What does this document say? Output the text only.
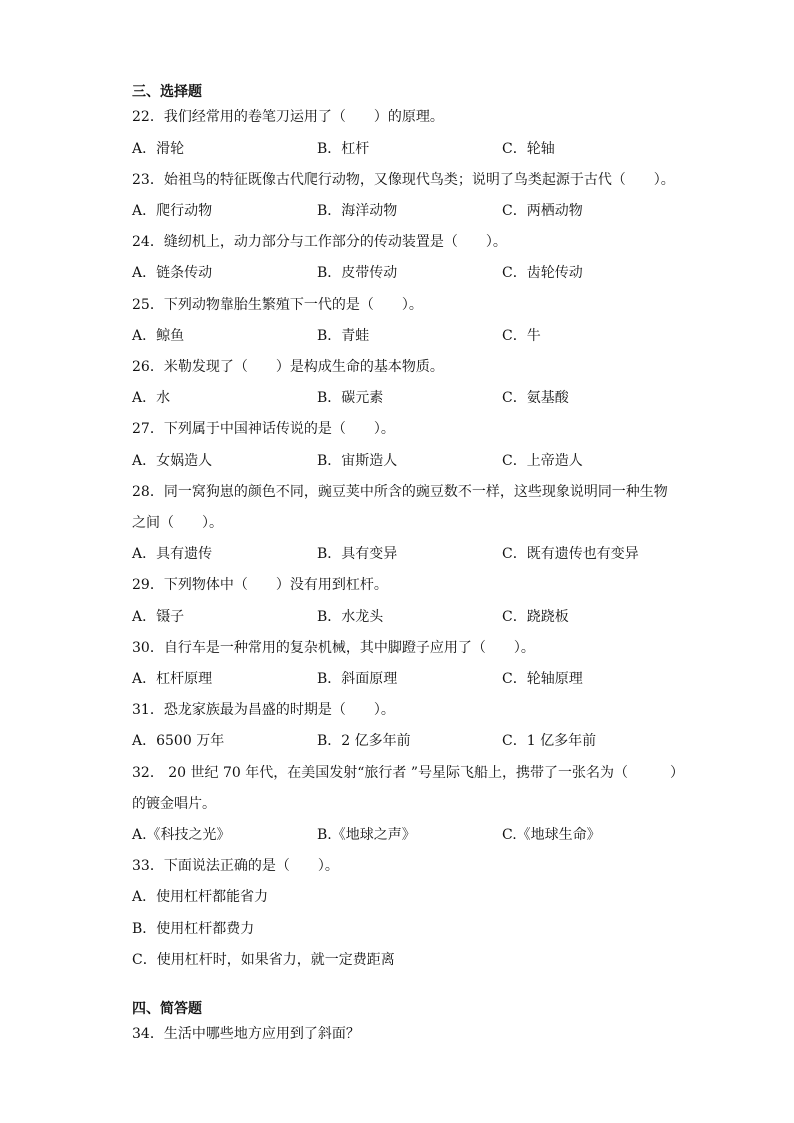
三、选择题
22．我们经常用的卷笔刀运用了（　　）的原理。
A．滑轮	B．杠杆	C．轮轴
23．始祖鸟的特征既像古代爬行动物，又像现代鸟类；说明了鸟类起源于古代（　　）。
A．爬行动物	B．海洋动物	C．两栖动物
24．缝纫机上，动力部分与工作部分的传动装置是（　　）。
A．链条传动	B．皮带传动	C．齿轮传动
25．下列动物靠胎生繁殖下一代的是（　　）。
A．鲸鱼	B．青蛙	C．牛
26．米勒发现了（　　）是构成生命的基本物质。
A．水	B．碳元素	C．氨基酸
27．下列属于中国神话传说的是（　　）。
A．女娲造人	B．宙斯造人	C．上帝造人
28．同一窝狗崽的颜色不同，豌豆荚中所含的豌豆数不一样，这些现象说明同一种生物
之间（　　）。
A．具有遗传	B．具有变异	C．既有遗传也有变异
29．下列物体中（　　）没有用到杠杆。
A．镊子	B．水龙头	C．跷跷板
30．自行车是一种常用的复杂机械，其中脚蹬子应用了（　　）。
A．杠杆原理	B．斜面原理	C．轮轴原理
31．恐龙家族最为昌盛的时期是（　　）。
A．6500 万年	B．2 亿多年前	C．1 亿多年前
32． 20 世纪 70 年代，在美国发射“旅行者 ”号星际飞船上，携带了一张名为（　　　）
的镀金唱片。
A.《科技之光》	B.《地球之声》	C.《地球生命》
33．下面说法正确的是（　　）。
A．使用杠杆都能省力
B．使用杠杆都费力
C．使用杠杆时，如果省力，就一定费距离
四、简答题
34．生活中哪些地方应用到了斜面？
